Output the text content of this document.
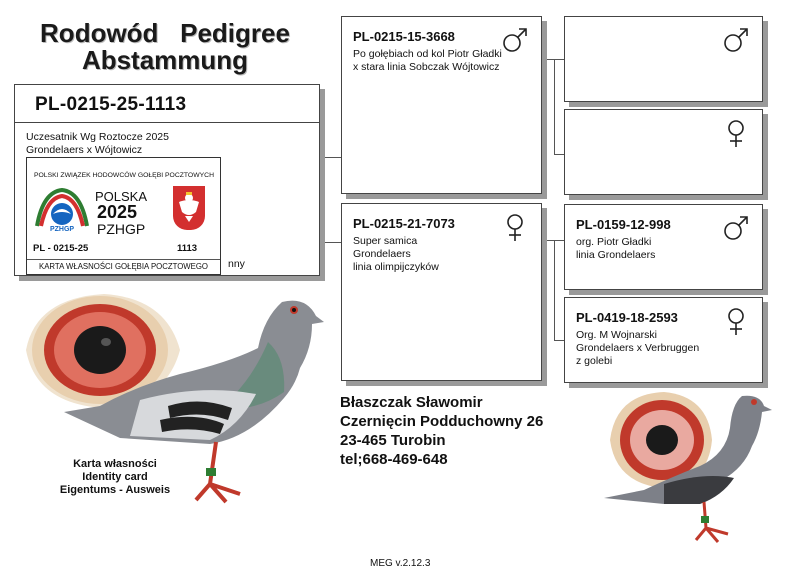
Rodowód   Pedigree
Abstammung
PL-0215-25-1113
Uczesatnik Wg Roztocze 2025
Grondelaers x Wójtowicz
nny
POLSKI ZWIĄZEK HODOWCÓW GOŁĘBI POCZTOWYCH
PZHGP
POLSKA
2025
PZHGP
PL - 0215-25	1113
KARTA WŁASNOŚCI GOŁĘBIA POCZTOWEGO
PL-0215-15-3668
Po gołębiach od kol Piotr Gładki
x stara linia Sobczak Wójtowicz
PL-0215-21-7073
Super samica
Grondelaers
linia olimpijczyków
PL-0159-12-998
org. Piotr Gładki
linia Grondelaers
PL-0419-18-2593
Org. M Wojnarski
Grondelaers x Verbruggen
z golebi
Karta własności
Identity card
Eigentums - Ausweis
Błaszczak Sławomir
Czernięcin Podduchowny 26
23-465 Turobin
tel;668-469-648
MEG v.2.12.3
